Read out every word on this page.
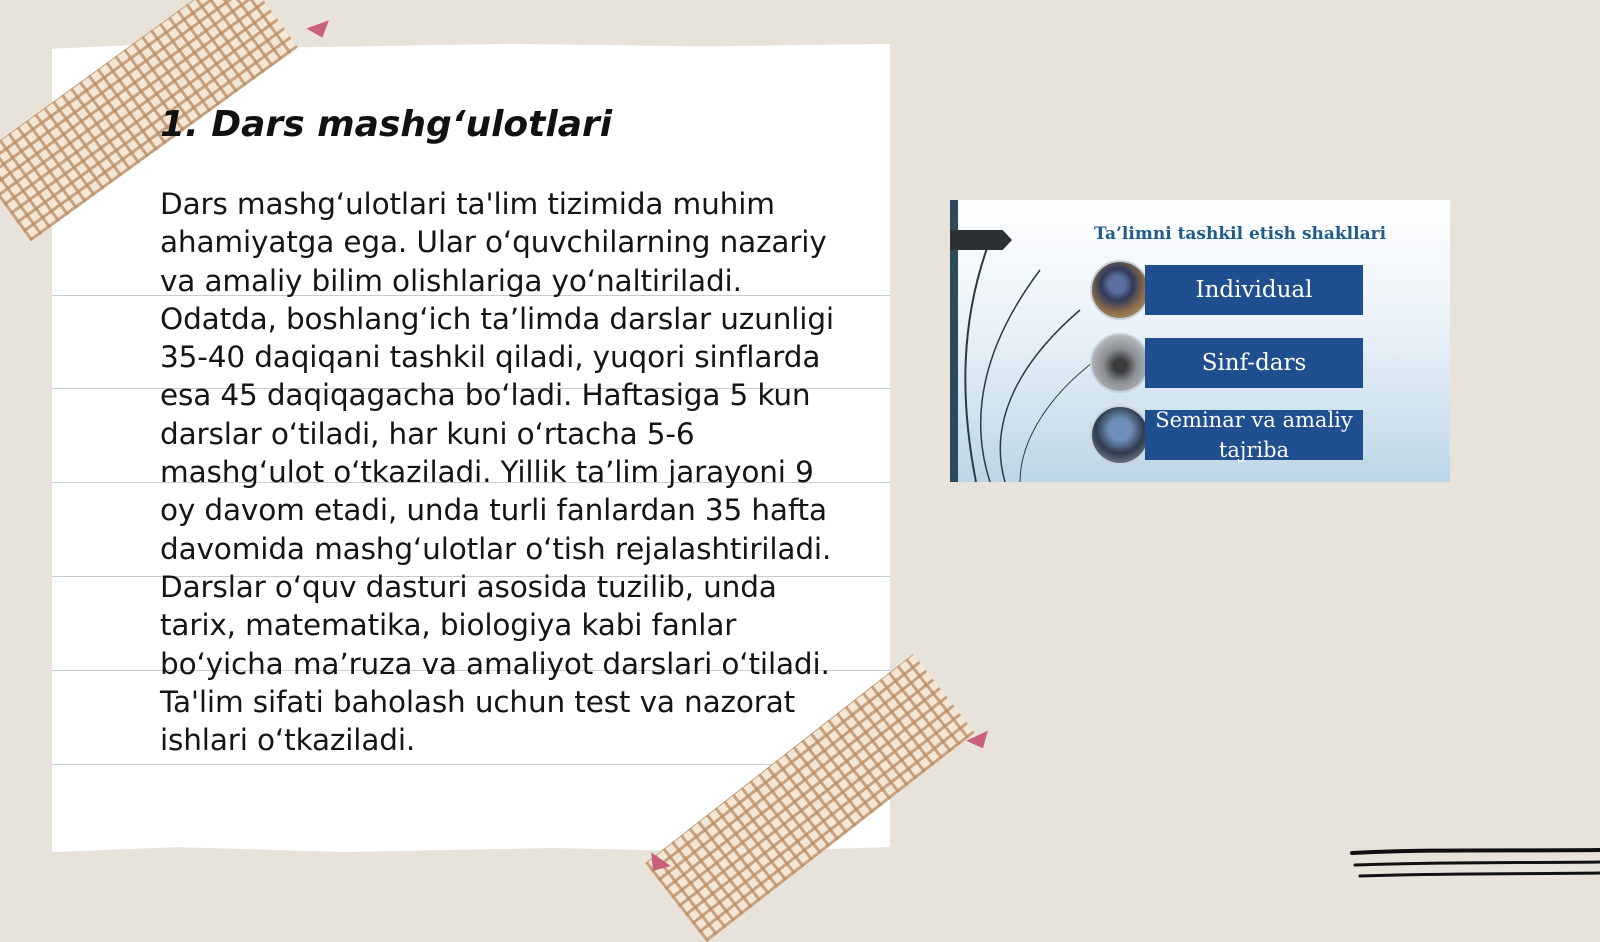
1. Dars mashg‘ulotlari

Dars mashg‘ulotlari ta'lim tizimida muhim ahamiyatga ega. Ular o‘quvchilarning nazariy va amaliy bilim olishlariga yo‘naltiriladi. Odatda, boshlang‘ich ta’limda darslar uzunligi 35-40 daqiqani tashkil qiladi, yuqori sinflarda esa 45 daqiqagacha bo‘ladi. Haftasiga 5 kun darslar o‘tiladi, har kuni o‘rtacha 5-6 mashg‘ulot o‘tkaziladi. Yillik ta’lim jarayoni 9 oy davom etadi, unda turli fanlardan 35 hafta davomida mashg‘ulotlar o‘tish rejalashtiriladi. Darslar o‘quv dasturi asosida tuzilib, unda tarix, matematika, biologiya kabi fanlar bo‘yicha ma’ruza va amaliyot darslari o‘tiladi. Ta'lim sifati baholash uchun test va nazorat ishlari o‘tkaziladi.

Ta’limni tashkil etish shakllari
Individual
Sinf-dars
Seminar va amaliy tajriba
